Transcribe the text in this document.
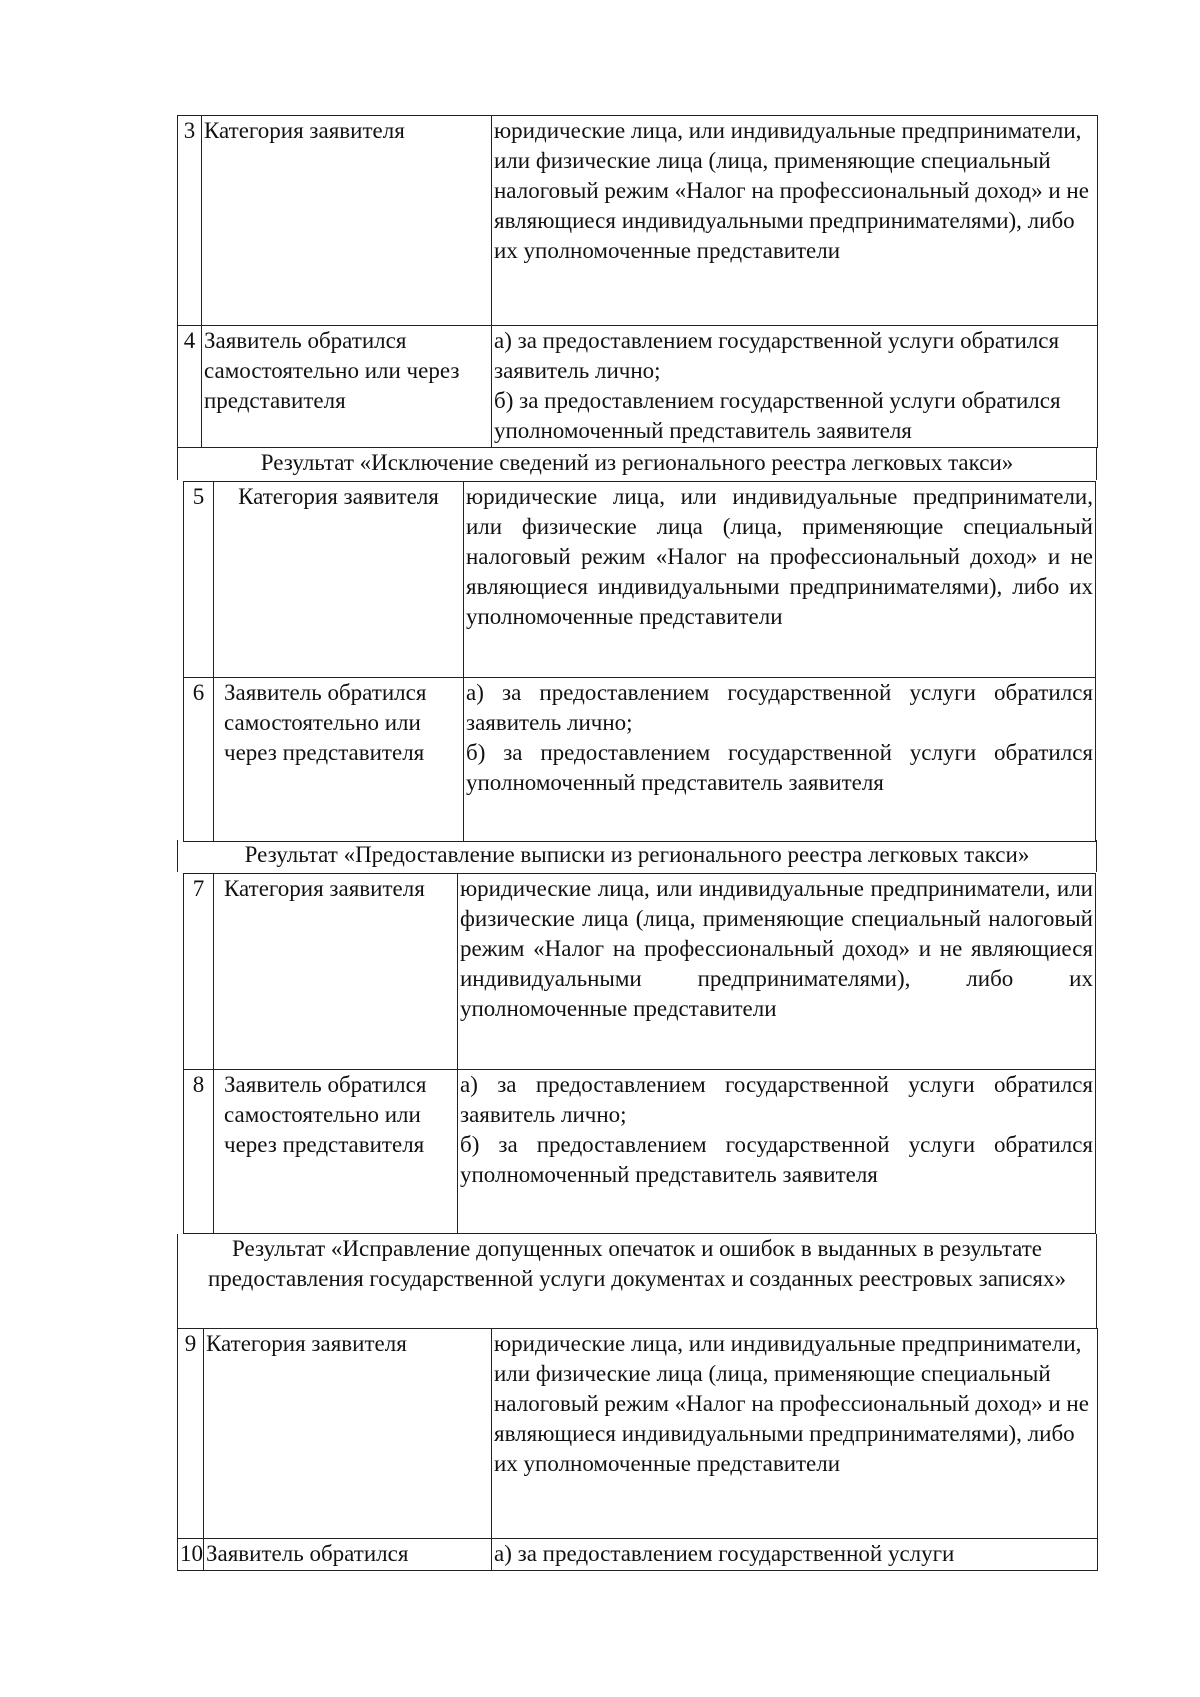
3	Категория заявителя	юридические лица, или индивидуальные предприниматели, или физические лица (лица, применяющие специальный налоговый режим «Налог на профессиональный доход» и не являющиеся индивидуальными предпринимателями), либо их уполномоченные представители
4	Заявитель обратился самостоятельно или через представителя	а) за предоставлением государственной услуги обратился заявитель лично;
б) за предоставлением государственной услуги обратился уполномоченный представитель заявителя
Результат «Исключение сведений из регионального реестра легковых такси»
5	Категория заявителя	юридические лица, или индивидуальные предприниматели, или физические лица (лица, применяющие специальный налоговый режим «Налог на профессиональный доход» и не являющиеся индивидуальными предпринимателями), либо их уполномоченные представители
6	Заявитель обратился самостоятельно или через представителя	а) за предоставлением государственной услуги обратился заявитель лично;
б) за предоставлением государственной услуги обратился уполномоченный представитель заявителя
Результат «Предоставление выписки из регионального реестра легковых такси»
7	Категория заявителя	юридические лица, или индивидуальные предприниматели, или физические лица (лица, применяющие специальный налоговый режим «Налог на профессиональный доход» и не являющиеся индивидуальными предпринимателями), либо их уполномоченные представители
8	Заявитель обратился самостоятельно или через представителя	а) за предоставлением государственной услуги обратился заявитель лично;
б) за предоставлением государственной услуги обратился уполномоченный представитель заявителя
Результат «Исправление допущенных опечаток и ошибок в выданных в результате предоставления государственной услуги документах и созданных реестровых записях»
9	Категория заявителя	юридические лица, или индивидуальные предприниматели, или физические лица (лица, применяющие специальный налоговый режим «Налог на профессиональный доход» и не являющиеся индивидуальными предпринимателями), либо их уполномоченные представители
10	Заявитель обратился	а) за предоставлением государственной услуги
